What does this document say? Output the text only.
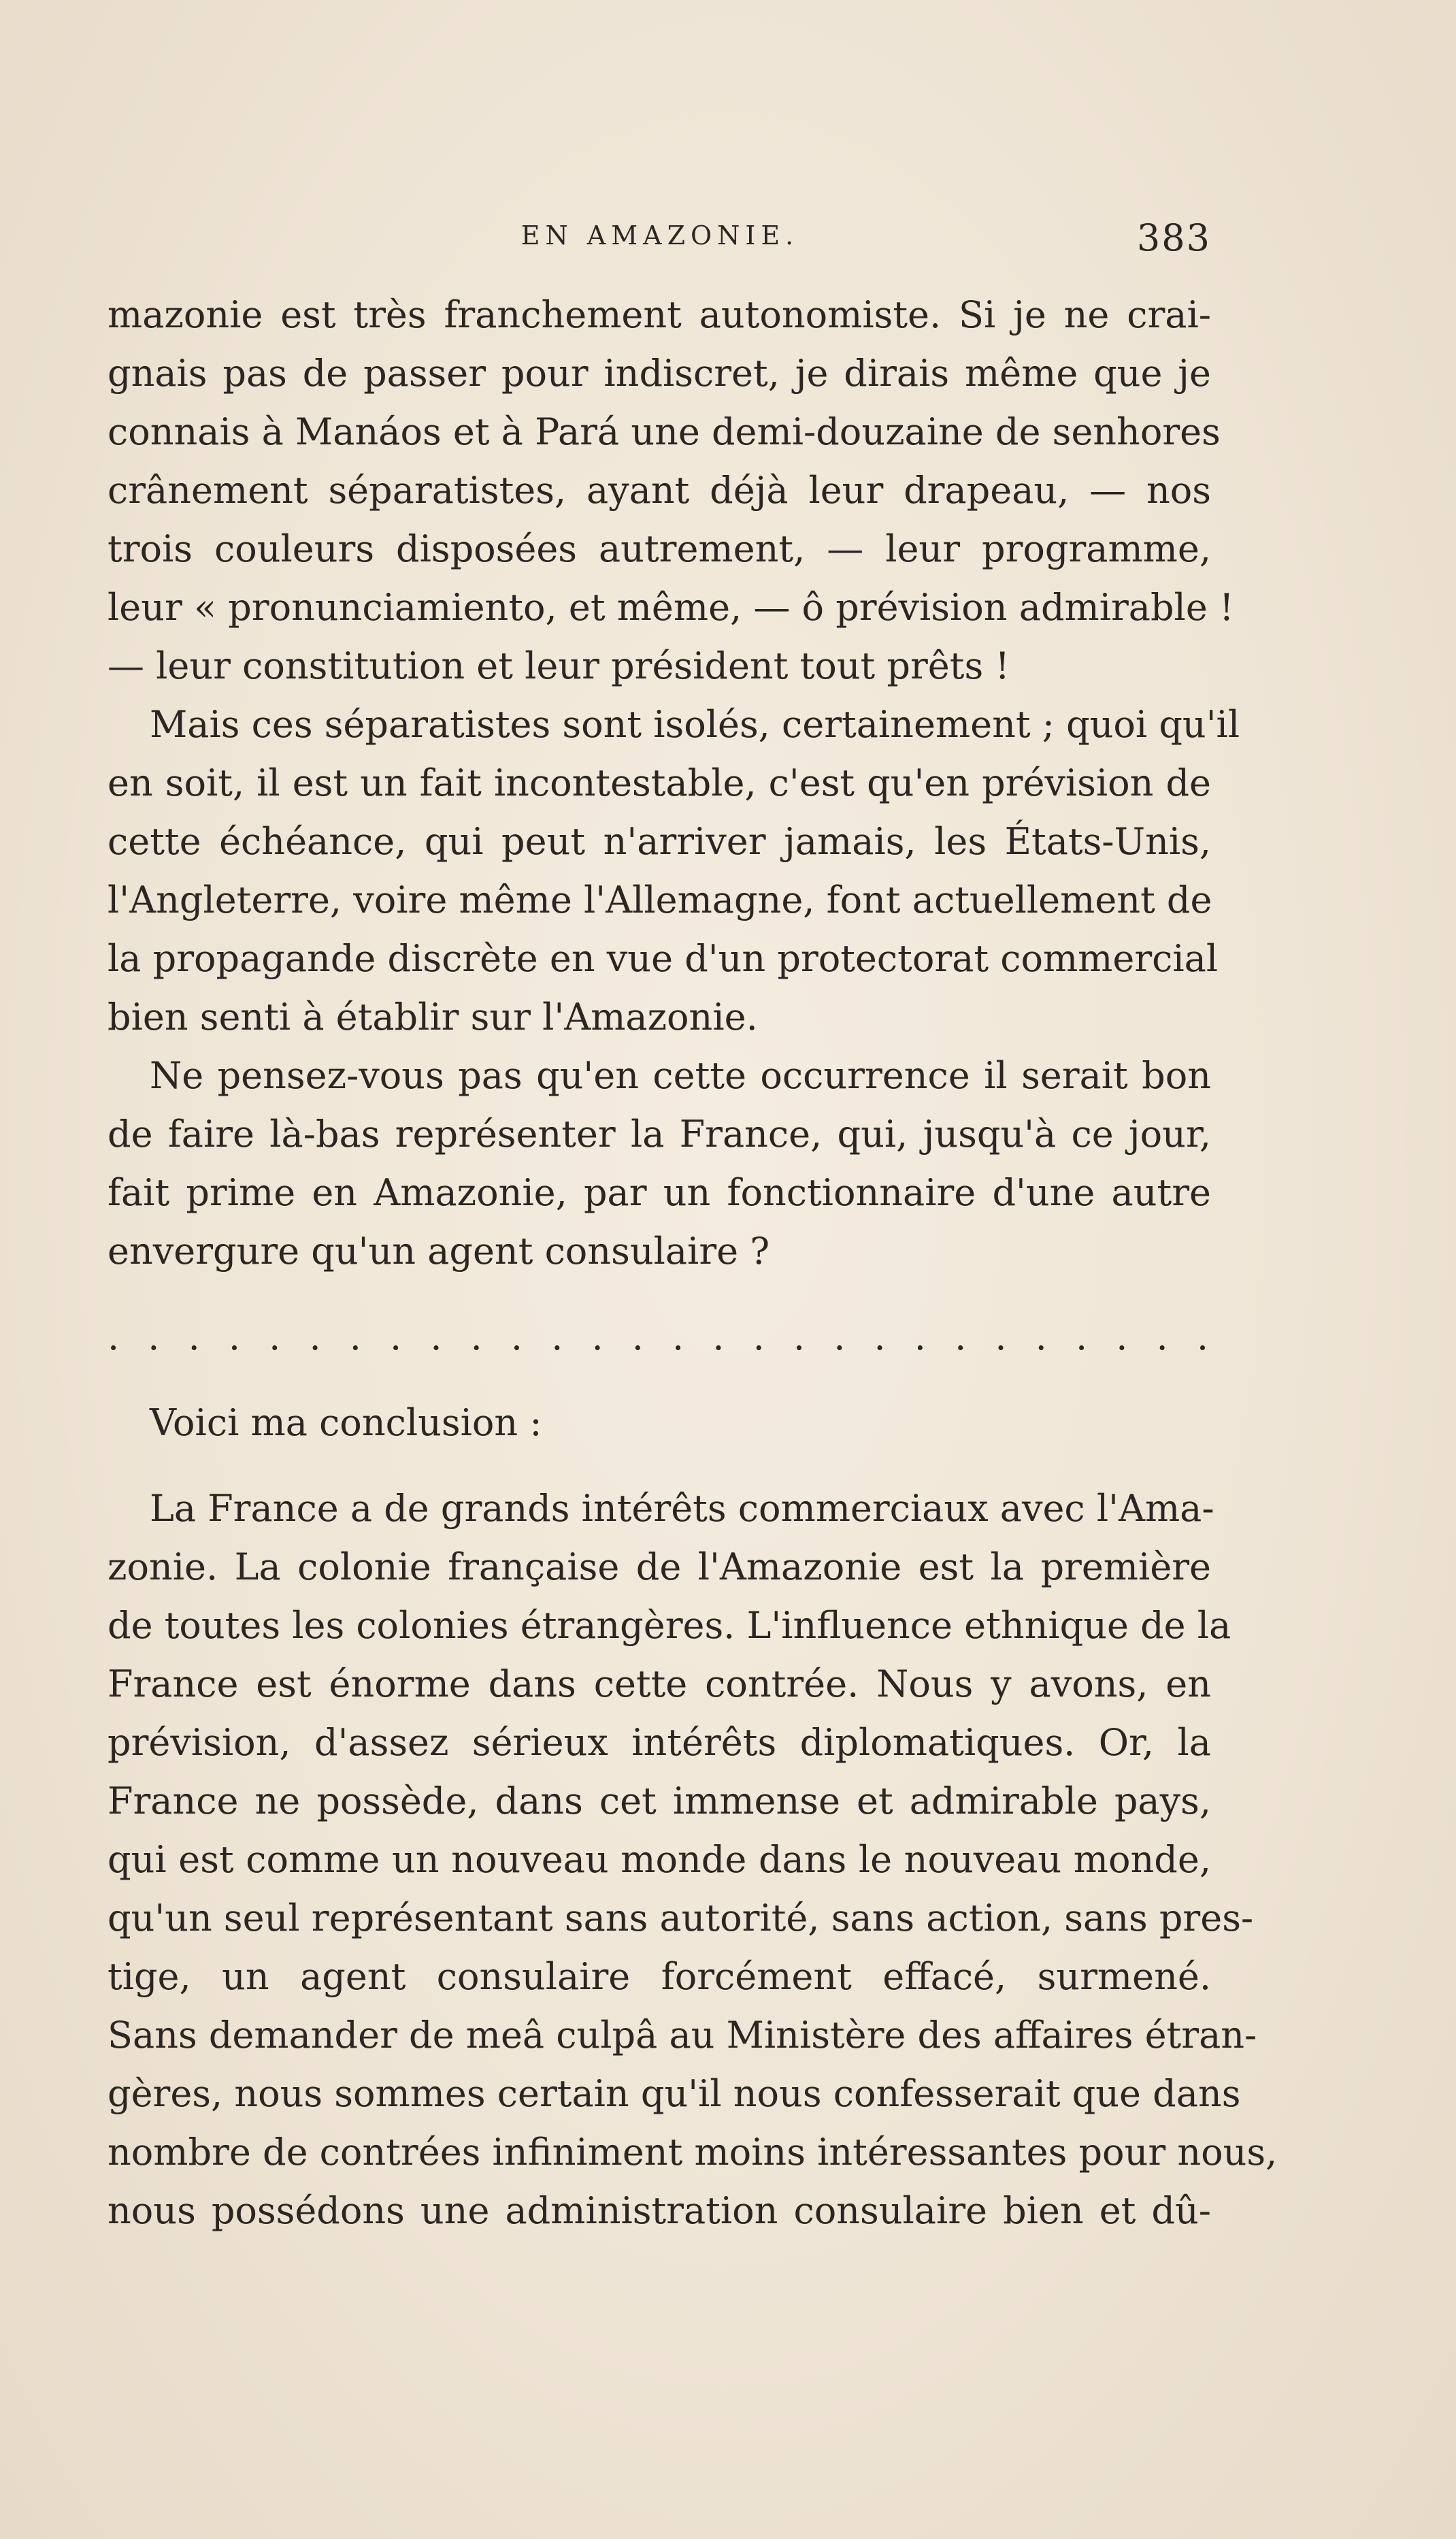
EN AMAZONIE.	383
mazonie est très franchement autonomiste. Si je ne crai-
gnais pas de passer pour indiscret, je dirais même que je
connais à Manáos et à Pará une demi-douzaine de senhores
crânement séparatistes, ayant déjà leur drapeau, — nos
trois couleurs disposées autrement, — leur programme,
leur « pronunciamiento, et même, — ô prévision admirable !
— leur constitution et leur président tout prêts !
Mais ces séparatistes sont isolés, certainement ; quoi qu'il
en soit, il est un fait incontestable, c'est qu'en prévision de
cette échéance, qui peut n'arriver jamais, les États-Unis,
l'Angleterre, voire même l'Allemagne, font actuellement de
la propagande discrète en vue d'un protectorat commercial
bien senti à établir sur l'Amazonie.
Ne pensez-vous pas qu'en cette occurrence il serait bon
de faire là-bas représenter la France, qui, jusqu'à ce jour,
fait prime en Amazonie, par un fonctionnaire d'une autre
envergure qu'un agent consulaire ?
. . . . . . . . . . . . . . . . . . . . . . . . . . . .
Voici ma conclusion :
La France a de grands intérêts commerciaux avec l'Ama-
zonie. La colonie française de l'Amazonie est la première
de toutes les colonies étrangères. L'influence ethnique de la
France est énorme dans cette contrée. Nous y avons, en
prévision, d'assez sérieux intérêts diplomatiques. Or, la
France ne possède, dans cet immense et admirable pays,
qui est comme un nouveau monde dans le nouveau monde,
qu'un seul représentant sans autorité, sans action, sans pres-
tige, un agent consulaire forcément effacé, surmené.
Sans demander de meâ culpâ au Ministère des affaires étran-
gères, nous sommes certain qu'il nous confesserait que dans
nombre de contrées infiniment moins intéressantes pour nous,
nous possédons une administration consulaire bien et dû-
